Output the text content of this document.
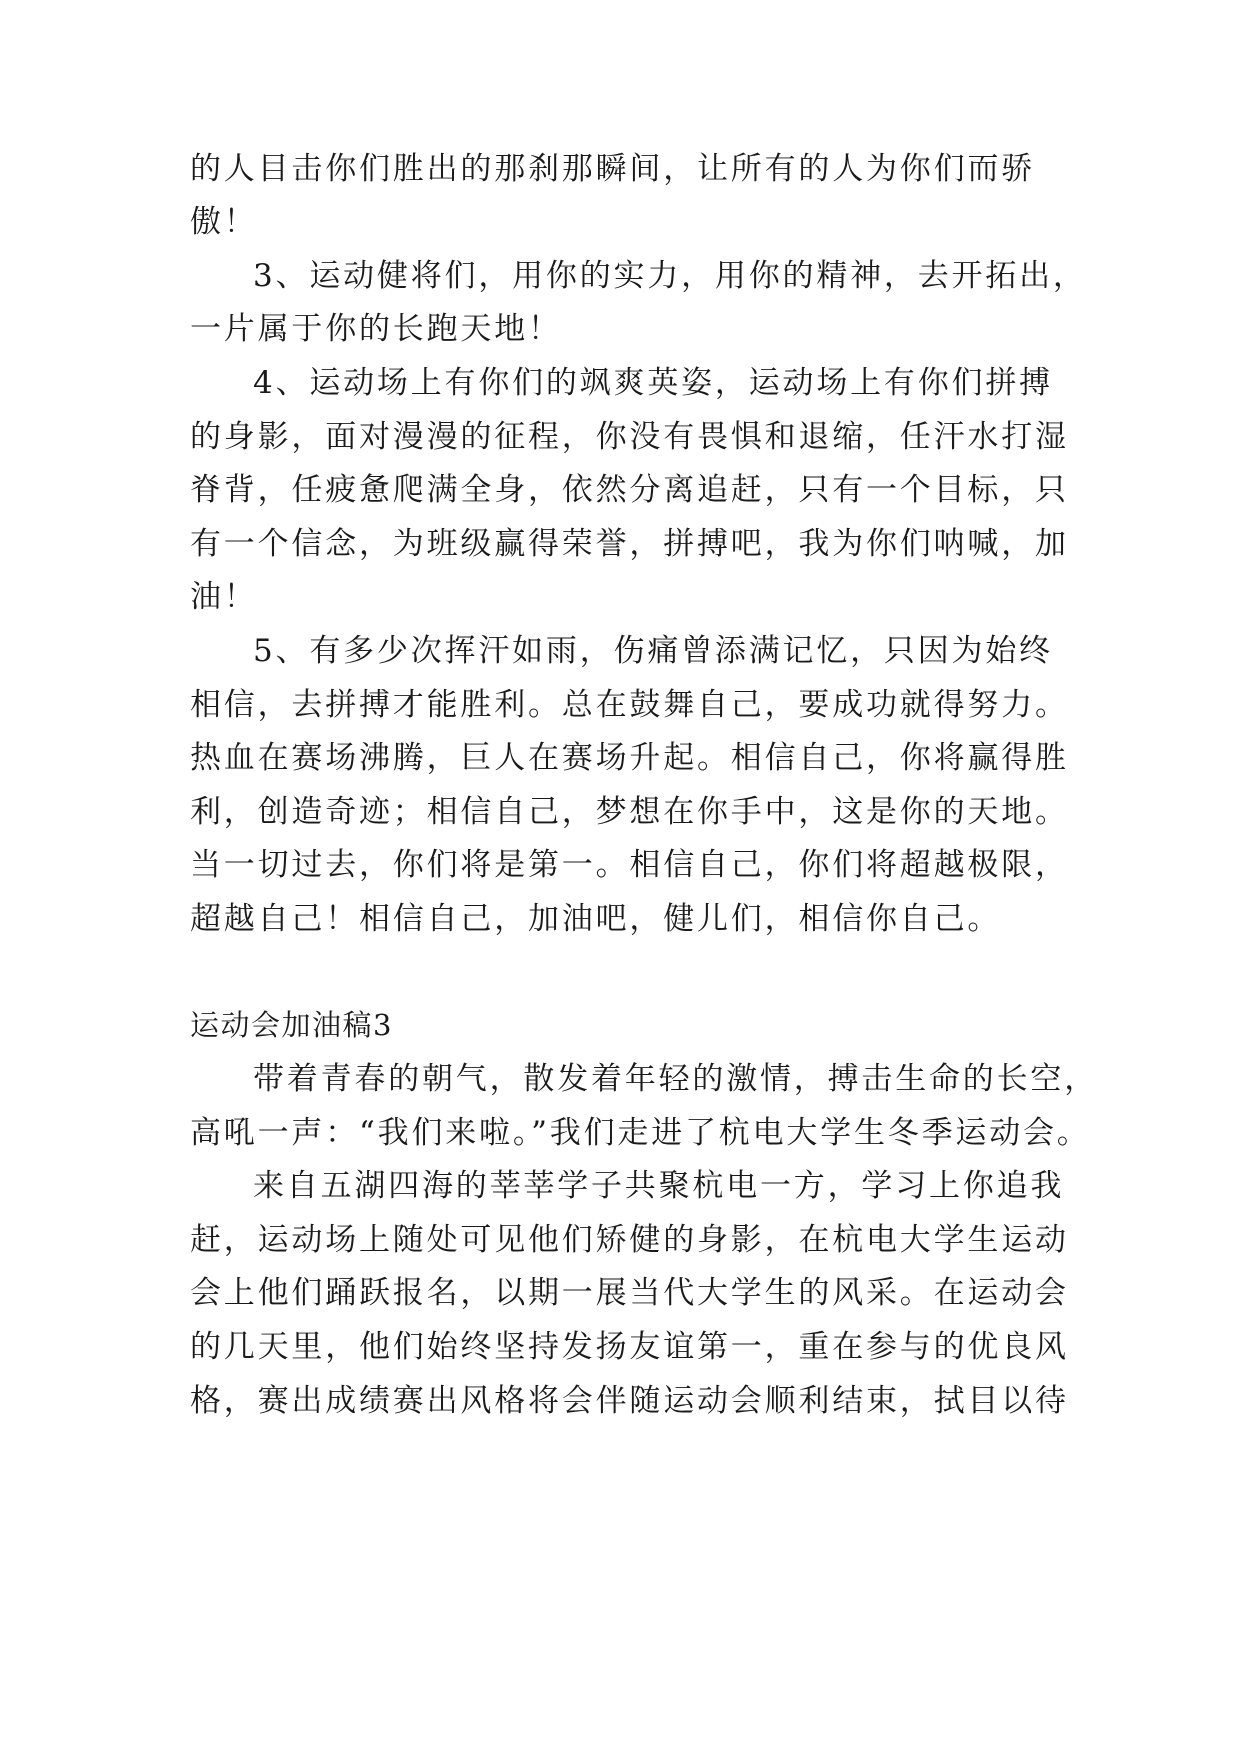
的人目击你们胜出的那刹那瞬间，让所有的人为你们而骄
傲！
3、运动健将们，用你的实力，用你的精神，去开拓出，
一片属于你的长跑天地！
4、运动场上有你们的飒爽英姿，运动场上有你们拼搏
的身影，面对漫漫的征程，你没有畏惧和退缩，任汗水打湿
脊背，任疲惫爬满全身，依然分离追赶，只有一个目标，只
有一个信念，为班级赢得荣誉，拼搏吧，我为你们呐喊，加
油！
5、有多少次挥汗如雨，伤痛曾添满记忆，只因为始终
相信，去拼搏才能胜利。总在鼓舞自己，要成功就得努力。
热血在赛场沸腾，巨人在赛场升起。相信自己，你将赢得胜
利，创造奇迹；相信自己，梦想在你手中，这是你的天地。
当一切过去，你们将是第一。相信自己，你们将超越极限，
超越自己！相信自己，加油吧，健儿们，相信你自己。
运动会加油稿3
带着青春的朝气，散发着年轻的激情，搏击生命的长空，
高吼一声：“我们来啦。”我们走进了杭电大学生冬季运动会。
来自五湖四海的莘莘学子共聚杭电一方，学习上你追我
赶，运动场上随处可见他们矫健的身影，在杭电大学生运动
会上他们踊跃报名，以期一展当代大学生的风采。在运动会
的几天里，他们始终坚持发扬友谊第一，重在参与的优良风
格，赛出成绩赛出风格将会伴随运动会顺利结束，拭目以待
